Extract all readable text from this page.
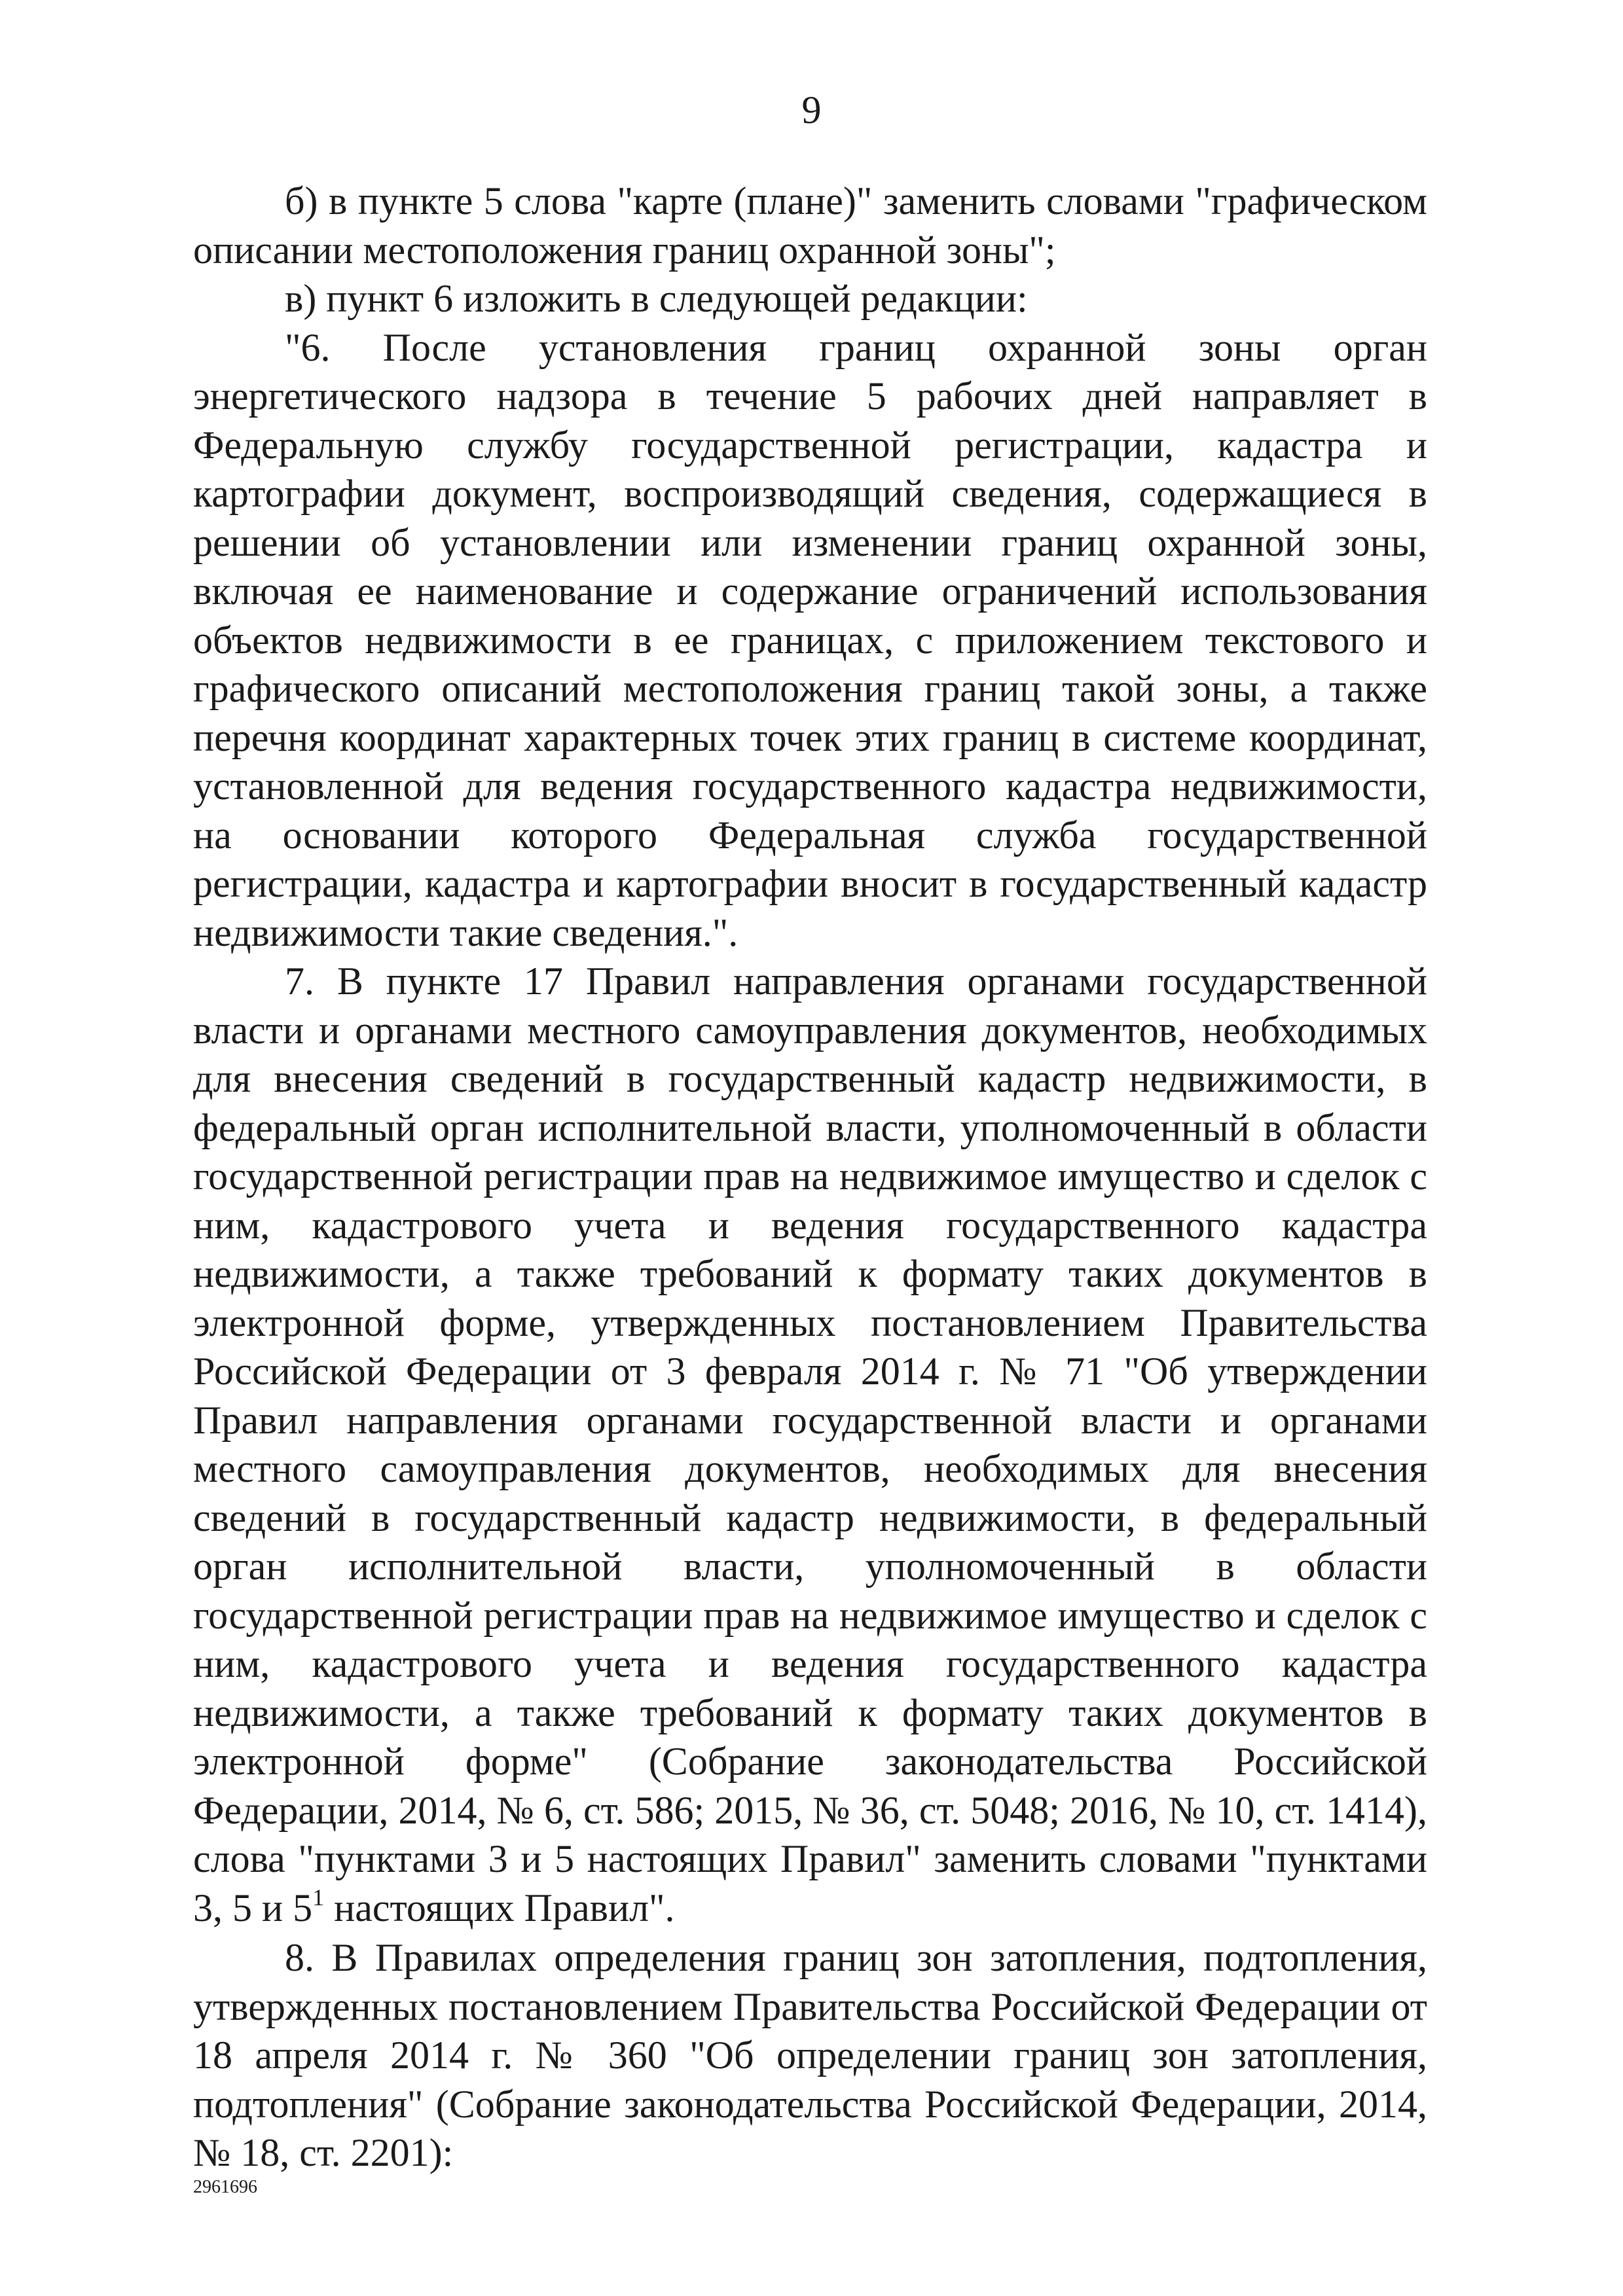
9

б) в пункте 5 слова "карте (плане)" заменить словами "графическом описании местоположения границ охранной зоны";

в) пункт 6 изложить в следующей редакции:

"6. После установления границ охранной зоны орган энергетического надзора в течение 5 рабочих дней направляет в Федеральную службу государственной регистрации, кадастра и картографии документ, воспроизводящий сведения, содержащиеся в решении об установлении или изменении границ охранной зоны, включая ее наименование и содержание ограничений использования объектов недвижимости в ее границах, с приложением текстового и графического описаний местоположения границ такой зоны, а также перечня координат характерных точек этих границ в системе координат, установленной для ведения государственного кадастра недвижимости, на основании которого Федеральная служба государственной регистрации, кадастра и картографии вносит в государственный кадастр недвижимости такие сведения.".

7. В пункте 17 Правил направления органами государственной власти и органами местного самоуправления документов, необходимых для внесения сведений в государственный кадастр недвижимости, в федеральный орган исполнительной власти, уполномоченный в области государственной регистрации прав на недвижимое имущество и сделок с ним, кадастрового учета и ведения государственного кадастра недвижимости, а также требований к формату таких документов в электронной форме, утвержденных постановлением Правительства Российской Федерации от 3 февраля 2014 г. № 71 "Об утверждении Правил направления органами государственной власти и органами местного самоуправления документов, необходимых для внесения сведений в государственный кадастр недвижимости, в федеральный орган исполнительной власти, уполномоченный в области государственной регистрации прав на недвижимое имущество и сделок с ним, кадастрового учета и ведения государственного кадастра недвижимости, а также требований к формату таких документов в электронной форме" (Собрание законодательства Российской Федерации, 2014, № 6, ст. 586; 2015, № 36, ст. 5048; 2016, № 10, ст. 1414), слова "пунктами 3 и 5 настоящих Правил" заменить словами "пунктами 3, 5 и $5^1$ настоящих Правил".

8. В Правилах определения границ зон затопления, подтопления, утвержденных постановлением Правительства Российской Федерации от 18 апреля 2014 г. № 360 "Об определении границ зон затопления, подтопления" (Собрание законодательства Российской Федерации, 2014, № 18, ст. 2201):

2961696
